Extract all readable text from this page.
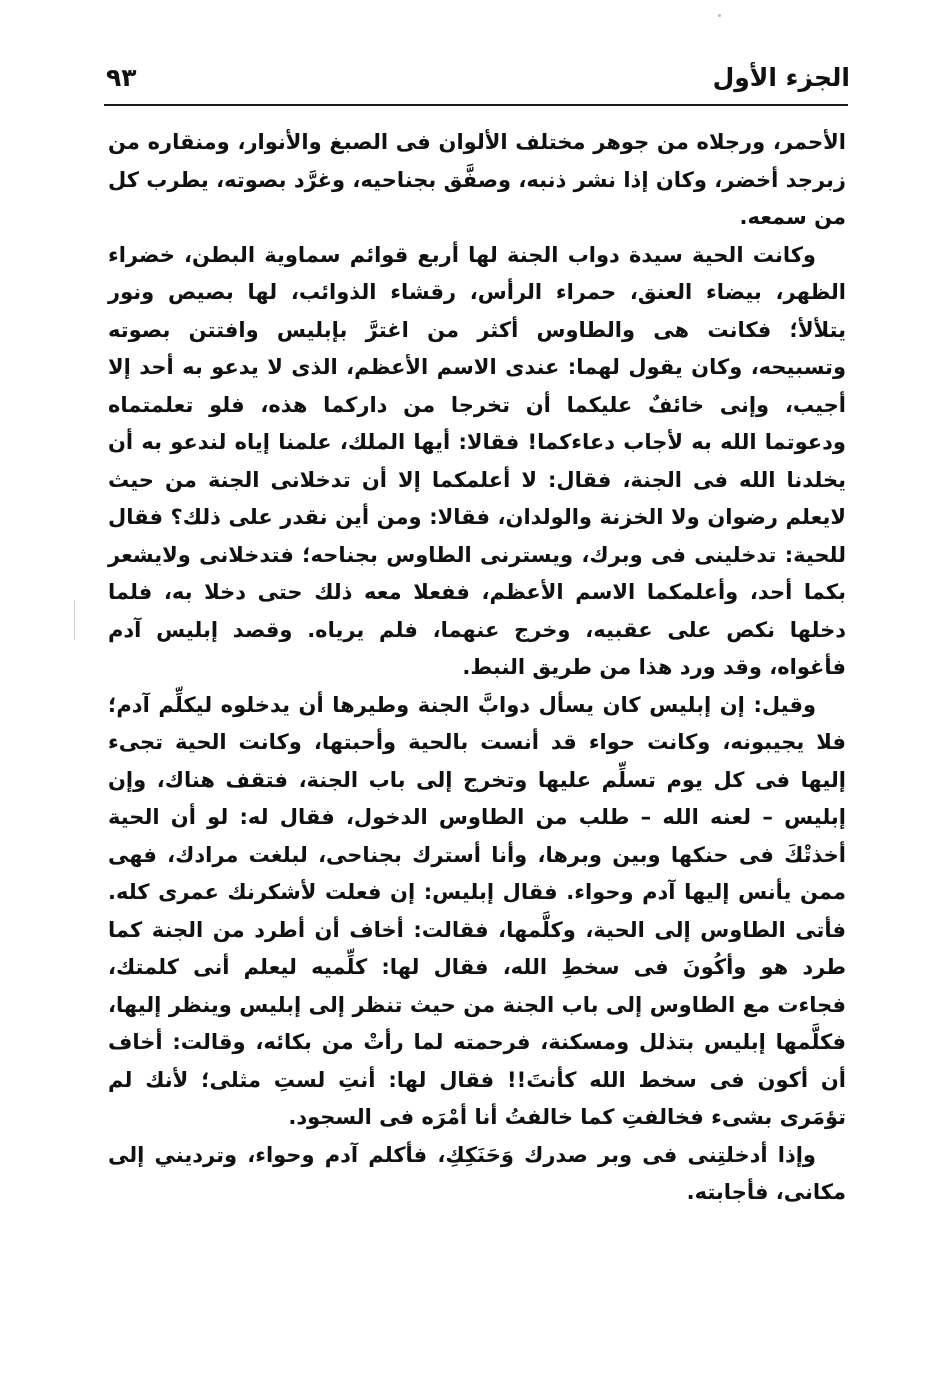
الجزء الأول
٩٣

الأحمر، ورجلاه من جوهر مختلف الألوان فى الصبغ والأنوار، ومنقاره من زبرجد أخضر، وكان إذا نشر ذنبه، وصفَّق بجناحيه، وغرَّد بصوته، يطرب كل من سمعه.

وكانت الحية سيدة دواب الجنة لها أربع قوائم سماوية البطن، خضراء الظهر، بيضاء العنق، حمراء الرأس، رقشاء الذوائب، لها بصيص ونور يتلألأ؛ فكانت هى والطاوس أكثر من اغترَّ بإبليس وافتتن بصوته وتسبيحه، وكان يقول لهما: عندى الاسم الأعظم، الذى لا يدعو به أحد إلا أجيب، وإنى خائفٌ عليكما أن تخرجا من داركما هذه، فلو تعلمتماه ودعوتما الله به لأجاب دعاءكما! فقالا: أيها الملك، علمنا إياه لندعو به أن يخلدنا الله فى الجنة، فقال: لا أعلمكما إلا أن تدخلانى الجنة من حيث لايعلم رضوان ولا الخزنة والولدان، فقالا: ومن أين نقدر على ذلك؟ فقال للحية: تدخلينى فى وبرك، ويسترنى الطاوس بجناحه؛ فتدخلانى ولايشعر بكما أحد، وأعلمكما الاسم الأعظم، ففعلا معه ذلك حتى دخلا به، فلما دخلها نكص على عقبيه، وخرج عنهما، فلم يرياه. وقصد إبليس آدم فأغواه، وقد ورد هذا من طريق النبط.

وقيل: إن إبليس كان يسأل دوابَّ الجنة وطيرها أن يدخلوه ليكلِّم آدم؛ فلا يجيبونه، وكانت حواء قد أنست بالحية وأحبتها، وكانت الحية تجىء إليها فى كل يوم تسلِّم عليها وتخرج إلى باب الجنة، فتقف هناك، وإن إبليس – لعنه الله – طلب من الطاوس الدخول، فقال له: لو أن الحية أخذتْكَ فى حنكها وبين وبرها، وأنا أسترك بجناحى، لبلغت مرادك، فهى ممن يأنس إليها آدم وحواء. فقال إبليس: إن فعلت لأشكرنك عمرى كله. فأتى الطاوس إلى الحية، وكلَّمها، فقالت: أخاف أن أطرد من الجنة كما طرد هو وأكُونَ فى سخطِ الله، فقال لها: كلِّميه ليعلم أنى كلمتك، فجاءت مع الطاوس إلى باب الجنة من حيث تنظر إلى إبليس وينظر إليها، فكلَّمها إبليس بتذلل ومسكنة، فرحمته لما رأتْ من بكائه، وقالت: أخاف أن أكون فى سخط الله كأنتَ!! فقال لها: أنتِ لستِ مثلى؛ لأنك لم تؤمَرى بشىء فخالفتِ كما خالفتُ أنا أمْرَه فى السجود.

وإذا أدخلتِنى فى وبر صدرك وَحَنَكِكِ، فأكلم آدم وحواء، وترديني إلى مكانى، فأجابته.
